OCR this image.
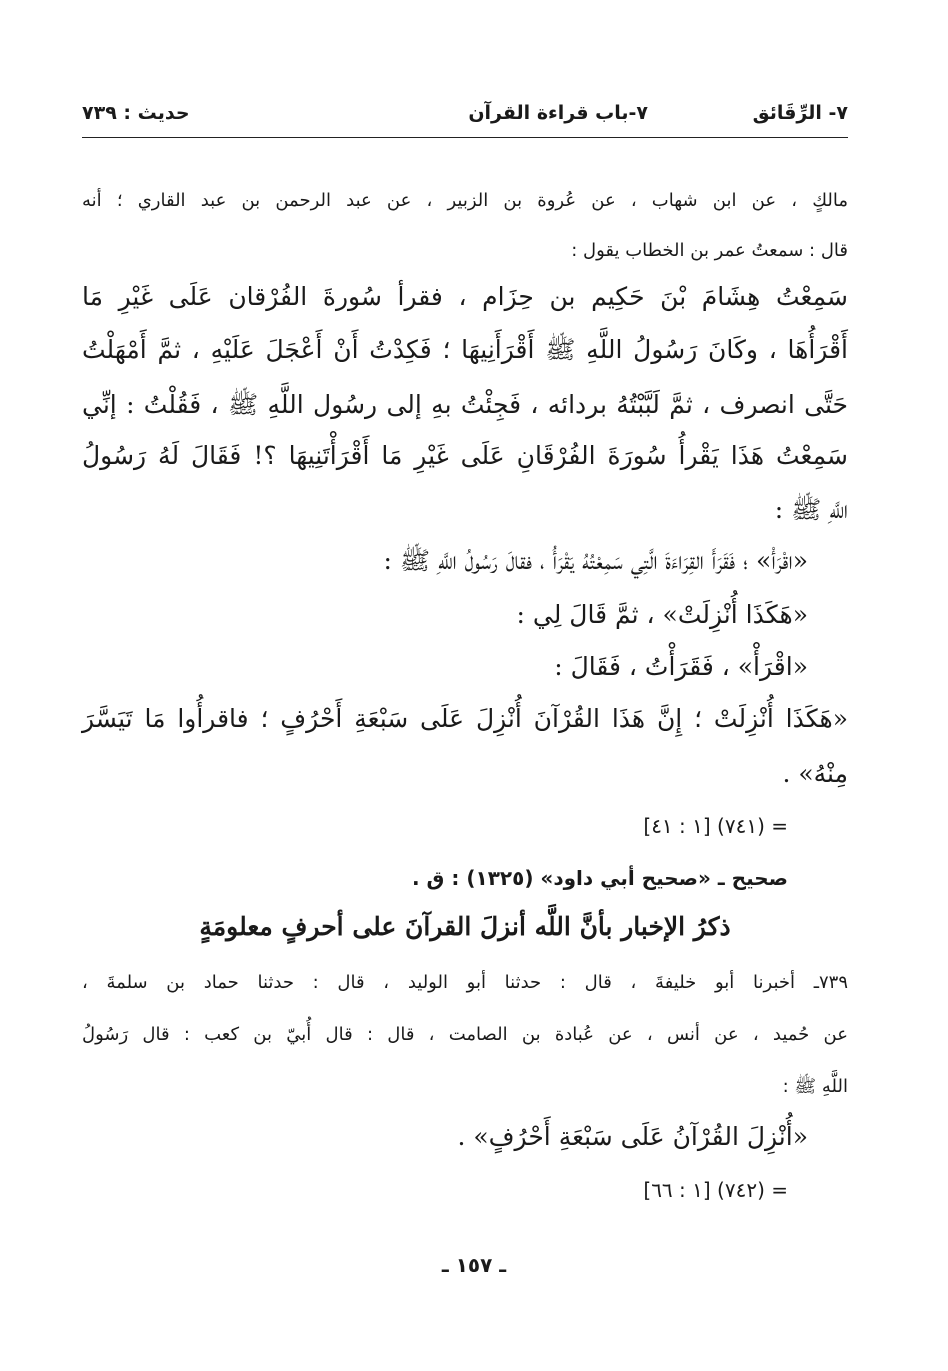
٧- الرِّقَائق
٧-باب قراءة القرآن
حديث : ٧٣٩
مالكٍ ، عن ابن شهاب ، عن عُروة بن الزبير ، عن عبد الرحمن بن عبد القاري ؛ أنه
قال : سمعتُ عمر بن الخطاب يقول :
سَمِعْتُ هِشَامَ بْنَ حَكِيم بن حِزَام ، فقرأ سُورةَ الفُرْقان عَلَى غَيْرِ مَا
أَقْرَأُهَا ، وكَانَ رَسُولُ اللَّهِ ﷺ أَقْرَأَنِيهَا ؛ فَكِدْتُ أَنْ أَعْجَلَ عَلَيْهِ ، ثمَّ أَمْهَلْتُ
حَتَّى انصرف ، ثمَّ لَبَّبْتُهُ بردائه ، فَجِئْتُ بهِ إلى رسُول اللَّهِ ﷺ ، فَقُلْتُ : إنِّي
سَمِعْتُ هَذَا يَقْرأُ سُورَةَ الفُرْقَانِ عَلَى غَيْرِ مَا أَقْرَأْتَنِيهَا ؟! فَقَالَ لَهُ رَسُولُ
اللَّهِ ﷺ :
«اقْرَأْ» ؛ فَقَرَأَ القِرَاءَةَ الَّتِي سَمِعْتُهُ يَقْرَأُ ، فقالَ رَسُولُ اللَّهِ ﷺ :
«هَكَذَا أُنْزِلَتْ» ، ثمَّ قَالَ لِي :
«اقْرَأْ» ، فَقَرَأْتُ ، فَقَالَ :
«هَكَذَا أُنْزِلَتْ ؛ إِنَّ هَذَا القُرْآنَ أُنْزِلَ عَلَى سَبْعَةِ أَحْرُفٍ ؛ فاقرأُوا مَا تَيَسَّرَ
مِنْهُ» .
= (٧٤١) [١ : ٤١]
صحيح ـ «صحيح أبي داود» (١٣٢٥) : ق .
ذكرُ الإخبار بأنَّ اللَّه أنزلَ القرآنَ على أحرفٍ معلومَةٍ
٧٣٩ـ أخبرنا أبو خليفةَ ، قال : حدثنا أبو الوليد ، قال : حدثنا حماد بن سلمةَ ،
عن حُميد ، عن أنس ، عن عُبادة بن الصامت ، قال : قال أُبيّ بن كعب : قال رَسُولُ
اللَّهِ ﷺ :
«أُنْزِلَ القُرْآنُ عَلَى سَبْعَةِ أَحْرُفٍ» .
= (٧٤٢) [١ : ٦٦]
ـ ١٥٧ ـ
